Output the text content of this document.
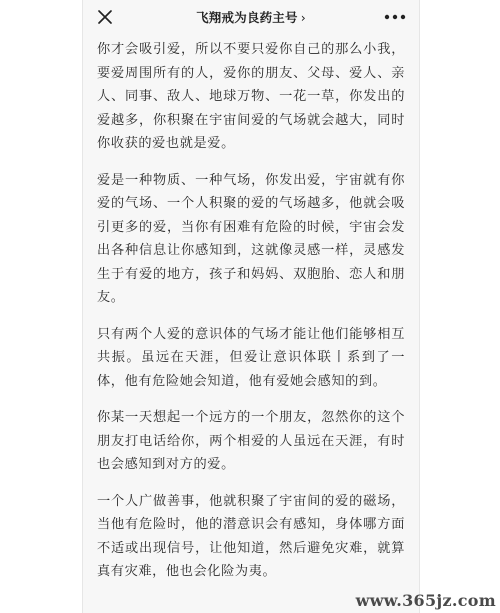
飞翔戒为良药主号 ›

你才会吸引爱，所以不要只爱你自己的那么小我，要爱周围所有的人，爱你的朋友、父母、爱人、亲人、同事、敌人、地球万物、一花一草，你发出的爱越多，你积聚在宇宙间爱的气场就会越大，同时你收获的爱也就是爱。

爱是一种物质、一种气场，你发出爱，宇宙就有你爱的气场、一个人积聚的爱的气场越多，他就会吸引更多的爱，当你有困难有危险的时候，宇宙会发出各种信息让你感知到，这就像灵感一样，灵感发生于有爱的地方，孩子和妈妈、双胞胎、恋人和朋友。

只有两个人爱的意识体的气场才能让他们能够相互共振。虽远在天涯，但爱让意识体联丨系到了一体，他有危险她会知道，他有爱她会感知的到。

你某一天想起一个远方的一个朋友，忽然你的这个朋友打电话给你，两个相爱的人虽远在天涯，有时也会感知到对方的爱。

一个人广做善事，他就积聚了宇宙间的爱的磁场，当他有危险时，他的潜意识会有感知，身体哪方面不适或出现信号，让他知道，然后避免灾难，就算真有灾难，他也会化险为夷。

www.365jz.com
